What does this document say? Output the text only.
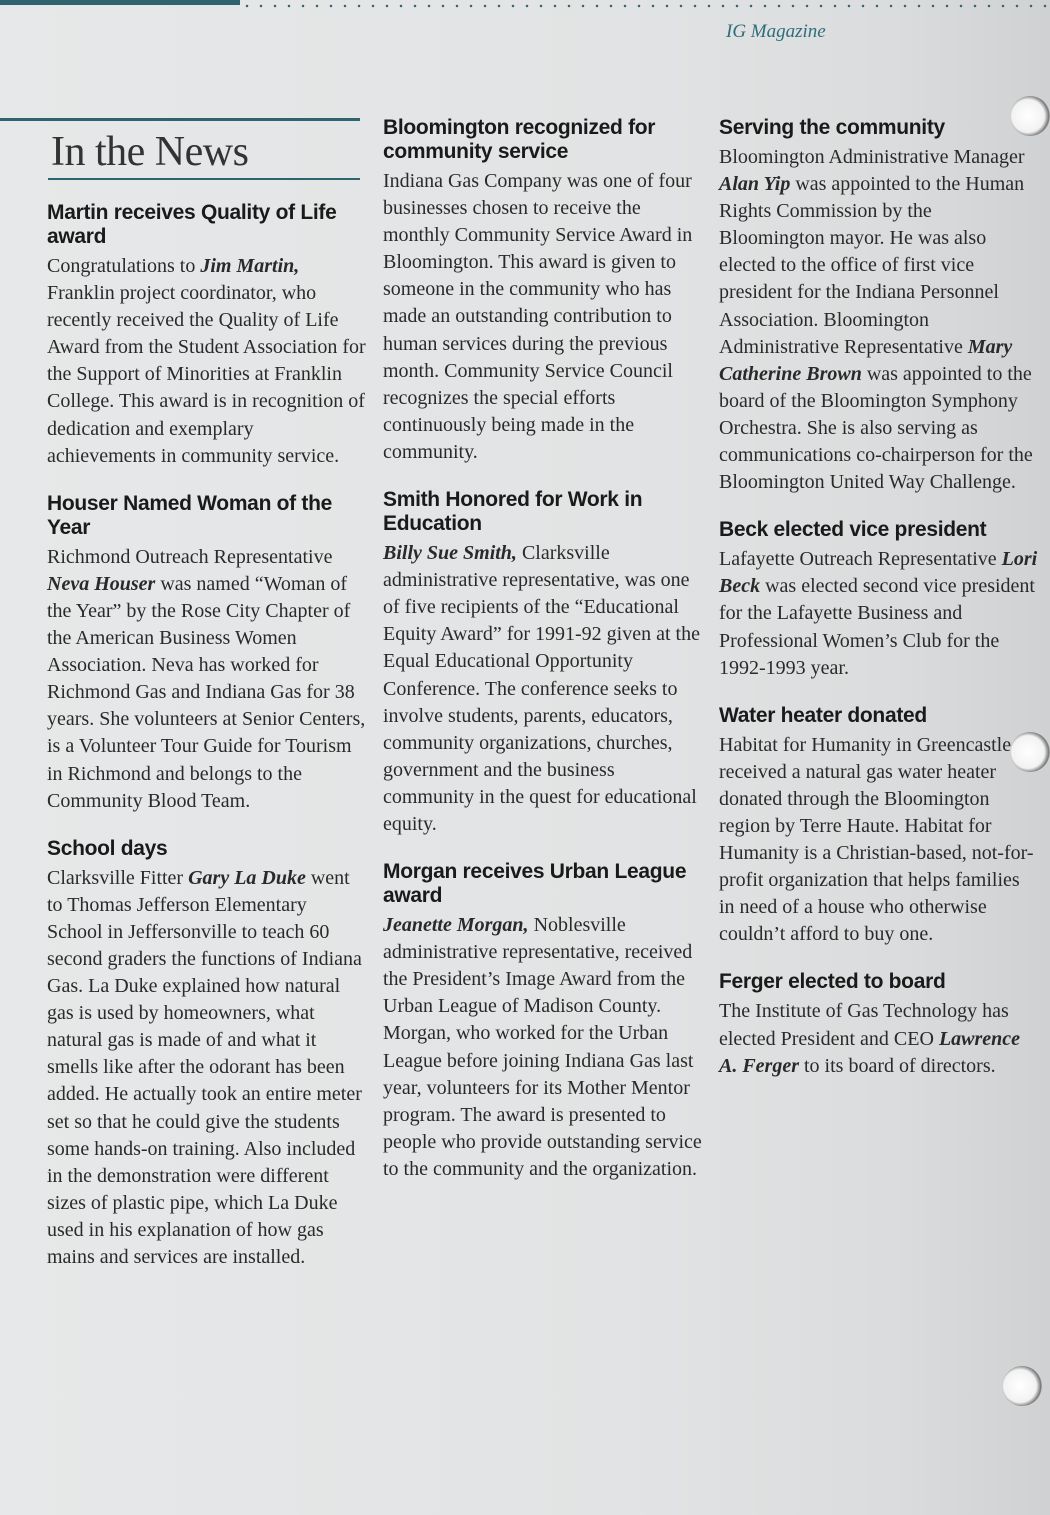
IG Magazine
In the News
Martin receives Quality of Life award

Congratulations to Jim Martin, Franklin project coordinator, who recently received the Quality of Life Award from the Student Association for the Support of Minorities at Franklin College. This award is in recognition of dedication and exemplary achievements in community service.

Houser Named Woman of the Year

Richmond Outreach Representative Neva Houser was named “Woman of the Year” by the Rose City Chapter of the American Business Women Association. Neva has worked for Richmond Gas and Indiana Gas for 38 years. She volunteers at Senior Centers, is a Volunteer Tour Guide for Tourism in Richmond and belongs to the Community Blood Team.

School days

Clarksville Fitter Gary La Duke went to Thomas Jefferson Elementary School in Jeffersonville to teach 60 second graders the functions of Indiana Gas. La Duke explained how natural gas is used by homeowners, what natural gas is made of and what it smells like after the odorant has been added. He actually took an entire meter set so that he could give the students some hands-on training. Also included in the demonstration were different sizes of plastic pipe, which La Duke used in his explanation of how gas mains and services are installed.

Bloomington recognized for community service

Indiana Gas Company was one of four businesses chosen to receive the monthly Community Service Award in Bloomington. This award is given to someone in the community who has made an outstanding contribution to human services during the previous month. Community Service Council recognizes the special efforts continuously being made in the community.

Smith Honored for Work in Education

Billy Sue Smith, Clarksville administrative representative, was one of five recipients of the “Educational Equity Award” for 1991-92 given at the Equal Educational Opportunity Conference. The conference seeks to involve students, parents, educators, community organizations, churches, government and the business community in the quest for educational equity.

Morgan receives Urban League award

Jeanette Morgan, Noblesville administrative representative, received the President’s Image Award from the Urban League of Madison County. Morgan, who worked for the Urban League before joining Indiana Gas last year, volunteers for its Mother Mentor program. The award is presented to people who provide outstanding service to the community and the organization.

Serving the community

Bloomington Administrative Manager Alan Yip was appointed to the Human Rights Commission by the Bloomington mayor. He was also elected to the office of first vice president for the Indiana Personnel Association. Bloomington Administrative Representative Mary Catherine Brown was appointed to the board of the Bloomington Symphony Orchestra. She is also serving as communications co-chairperson for the Bloomington United Way Challenge.

Beck elected vice president

Lafayette Outreach Representative Lori Beck was elected second vice president for the Lafayette Business and Professional Women’s Club for the 1992-1993 year.

Water heater donated

Habitat for Humanity in Greencastle received a natural gas water heater donated through the Bloomington region by Terre Haute. Habitat for Humanity is a Christian-based, not-for-profit organization that helps families in need of a house who otherwise couldn’t afford to buy one.

Ferger elected to board

The Institute of Gas Technology has elected President and CEO Lawrence A. Ferger to its board of directors.
